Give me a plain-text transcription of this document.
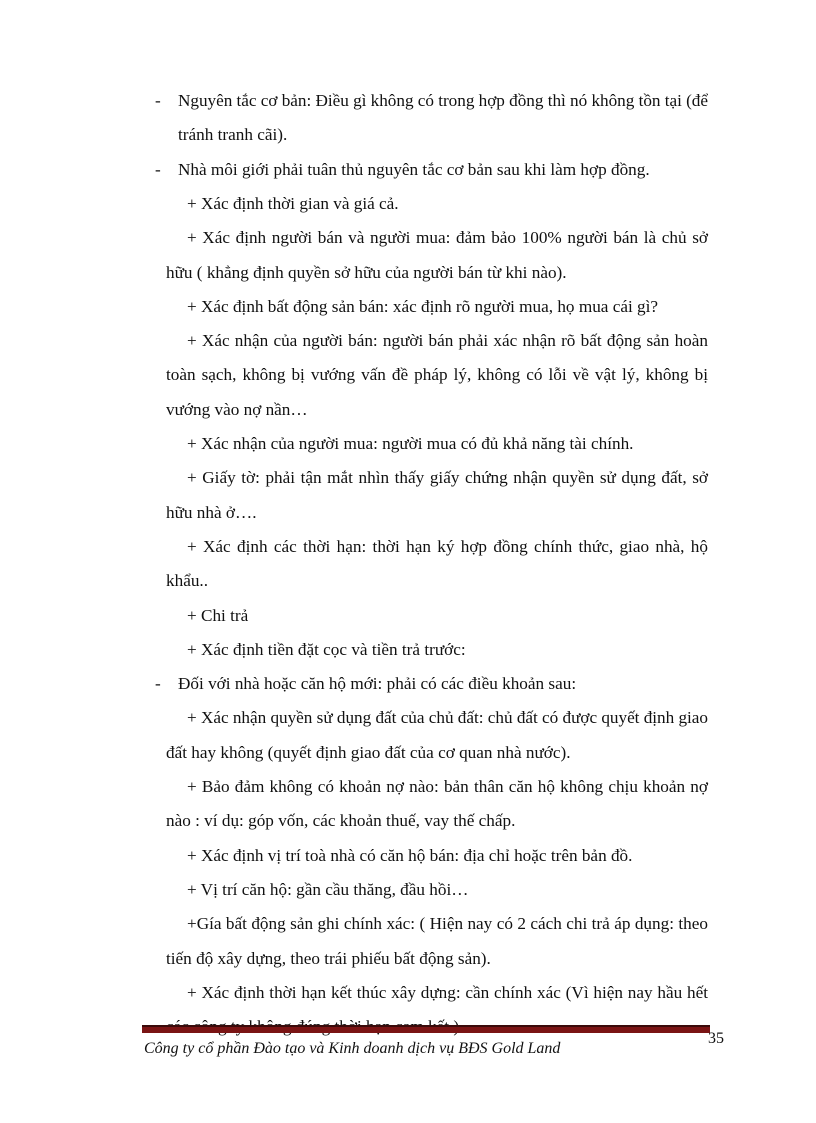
- Nguyên tắc cơ bản: Điều gì không có trong hợp đồng thì nó không tồn tại (để
tránh tranh cãi).
- Nhà môi giới phải tuân thủ nguyên tắc cơ bản sau khi làm hợp đồng.
+ Xác định thời gian và giá cả.
+ Xác định người bán và người mua: đảm bảo 100% người bán là chủ sở
hữu ( khẳng định quyền sở hữu của người bán từ khi nào).
+ Xác định bất động sản bán: xác định rõ người mua, họ mua cái gì?
+ Xác nhận của người bán: người bán phải xác nhận rõ bất động sản hoàn
toàn sạch, không bị vướng vấn đề pháp lý, không có lỗi về vật lý, không bị
vướng vào nợ nần…
+ Xác nhận của người mua: người mua có đủ khả năng tài chính.
+ Giấy tờ: phải tận mắt nhìn thấy giấy chứng nhận quyền sử dụng đất, sở
hữu nhà ở….
+ Xác định các thời hạn: thời hạn ký hợp đồng chính thức, giao nhà, hộ
khẩu..
+ Chi trả
+ Xác định tiền đặt cọc và tiền trả trước:
- Đối với nhà hoặc căn hộ mới: phải có các điều khoản sau:
+ Xác nhận quyền sử dụng đất của chủ đất: chủ đất có được quyết định giao
đất hay không (quyết định giao đất của cơ quan nhà nước).
+ Bảo đảm không có khoản nợ nào: bản thân căn hộ không chịu khoản nợ
nào : ví dụ: góp vốn, các khoản thuế, vay thế chấp.
+ Xác định vị trí toà nhà có căn hộ bán: địa chỉ hoặc trên bản đồ.
+ Vị trí căn hộ: gần cầu thăng, đầu hồi…
+Gía bất động sản ghi chính xác: ( Hiện nay có 2 cách chi trả áp dụng: theo
tiến độ xây dựng, theo trái phiếu bất động sản).
+ Xác định thời hạn kết thúc xây dựng: cần chính xác (Vì hiện nay hầu hết
Công ty cổ phần Đào tạo và Kinh doanh dịch vụ BĐS Gold Land
35
